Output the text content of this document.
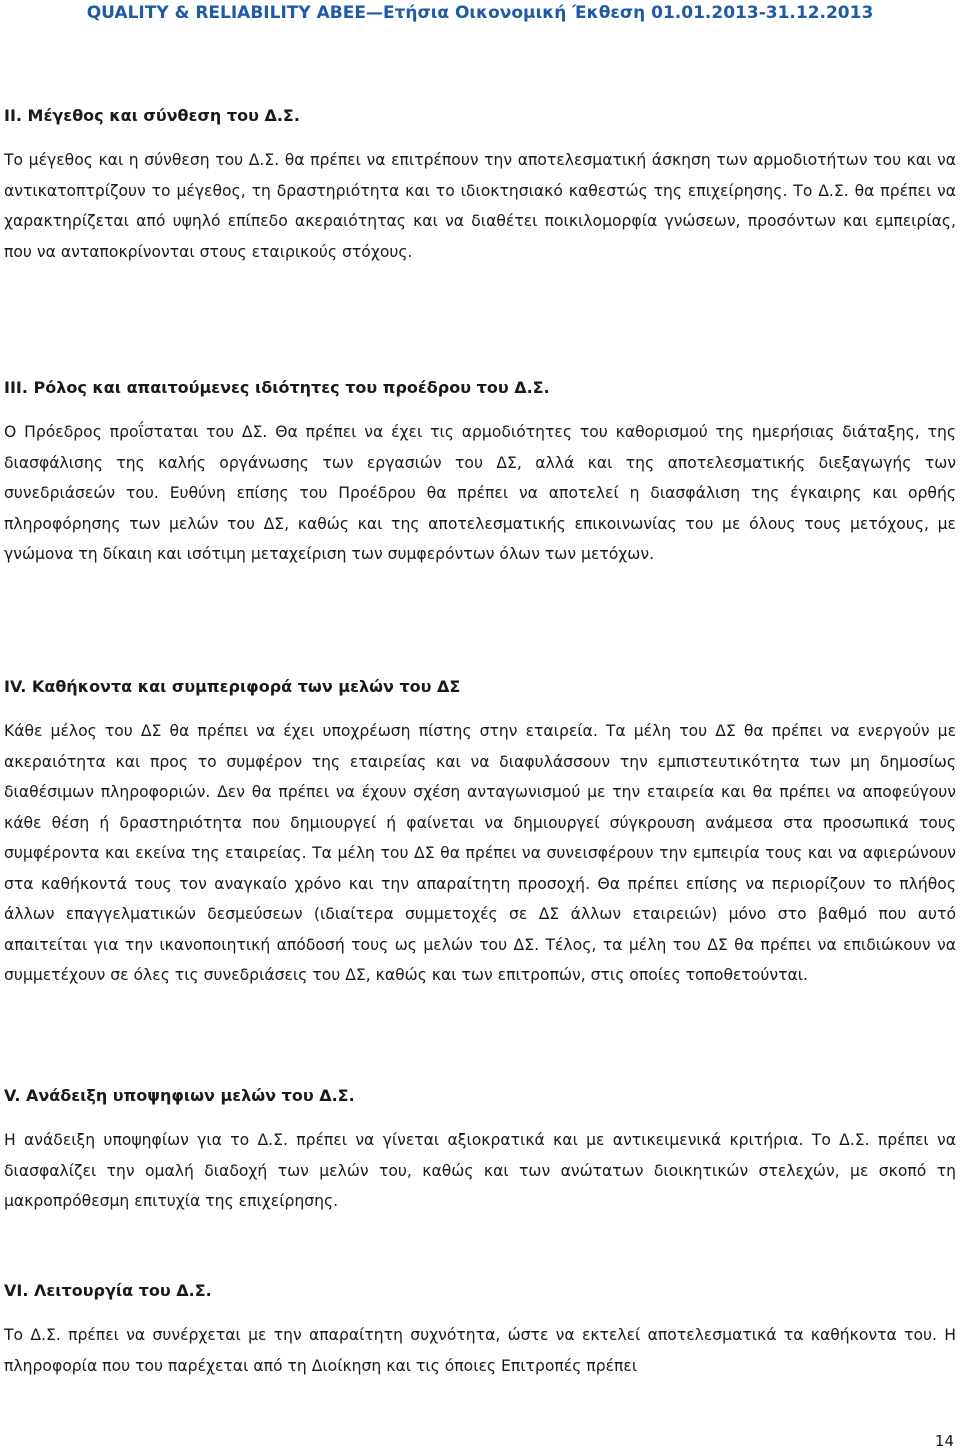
QUALITY & RELIABILITY ABEE—Ετήσια Οικονομική Έκθεση 01.01.2013-31.12.2013
II. Μέγεθος και σύνθεση του Δ.Σ.

Το μέγεθος και η σύνθεση του Δ.Σ. θα πρέπει να επιτρέπουν την αποτελεσματική άσκηση των αρμοδιοτήτων του και να αντικατοπτρίζουν το μέγεθος, τη δραστηριότητα και το ιδιοκτησιακό καθεστώς της επιχείρησης. Το Δ.Σ. θα πρέπει να χαρακτηρίζεται από υψηλό επίπεδο ακεραιότητας και να διαθέτει ποικιλομορφία γνώσεων, προσόντων και εμπειρίας, που να ανταποκρίνονται στους εταιρικούς στόχους.

III. Ρόλος και απαιτούμενες ιδιότητες του προέδρου του Δ.Σ.

Ο Πρόεδρος προΐσταται του ΔΣ. Θα πρέπει να έχει τις αρμοδιότητες του καθορισμού της ημερήσιας διάταξης, της διασφάλισης της καλής οργάνωσης των εργασιών του ΔΣ, αλλά και της αποτελεσματικής διεξαγωγής των συνεδριάσεών του. Ευθύνη επίσης του Προέδρου θα πρέπει να αποτελεί η διασφάλιση της έγκαιρης και ορθής πληροφόρησης των μελών του ΔΣ, καθώς και της αποτελεσματικής επικοινωνίας του με όλους τους μετόχους, με γνώμονα τη δίκαιη και ισότιμη μεταχείριση των συμφερόντων όλων των μετόχων.

IV. Καθήκοντα και συμπεριφορά των μελών του ΔΣ

Κάθε μέλος του ΔΣ θα πρέπει να έχει υποχρέωση πίστης στην εταιρεία. Τα μέλη του ΔΣ θα πρέπει να ενεργούν με ακεραιότητα και προς το συμφέρον της εταιρείας και να διαφυλάσσουν την εμπιστευτικότητα των μη δημοσίως διαθέσιμων πληροφοριών. Δεν θα πρέπει να έχουν σχέση ανταγωνισμού με την εταιρεία και θα πρέπει να αποφεύγουν κάθε θέση ή δραστηριότητα που δημιουργεί ή φαίνεται να δημιουργεί σύγκρουση ανάμεσα στα προσωπικά τους συμφέροντα και εκείνα της εταιρείας. Τα μέλη του ΔΣ θα πρέπει να συνεισφέρουν την εμπειρία τους και να αφιερώνουν στα καθήκοντά τους τον αναγκαίο χρόνο και την απαραίτητη προσοχή. Θα πρέπει επίσης να περιορίζουν το πλήθος άλλων επαγγελματικών δεσμεύσεων (ιδιαίτερα συμμετοχές σε ΔΣ άλλων εταιρειών) μόνο στο βαθμό που αυτό απαιτείται για την ικανοποιητική απόδοσή τους ως μελών του ΔΣ. Τέλος, τα μέλη του ΔΣ θα πρέπει να επιδιώκουν να συμμετέχουν σε όλες τις συνεδριάσεις του ΔΣ, καθώς και των επιτροπών, στις οποίες τοποθετούνται.

V. Ανάδειξη υποψηφιων μελών του Δ.Σ.

Η ανάδειξη υποψηφίων για το Δ.Σ. πρέπει να γίνεται αξιοκρατικά και με αντικειμενικά κριτήρια. Το Δ.Σ. πρέπει να διασφαλίζει την ομαλή διαδοχή των μελών του, καθώς και των ανώτατων διοικητικών στελεχών, με σκοπό τη μακροπρόθεσμη επιτυχία της επιχείρησης.

VI. Λειτουργία του Δ.Σ.

Το Δ.Σ. πρέπει να συνέρχεται με την απαραίτητη συχνότητα, ώστε να εκτελεί αποτελεσματικά τα καθήκοντα του. Η πληροφορία που του παρέχεται από τη Διοίκηση και τις όποιες Επιτροπές πρέπει

14
